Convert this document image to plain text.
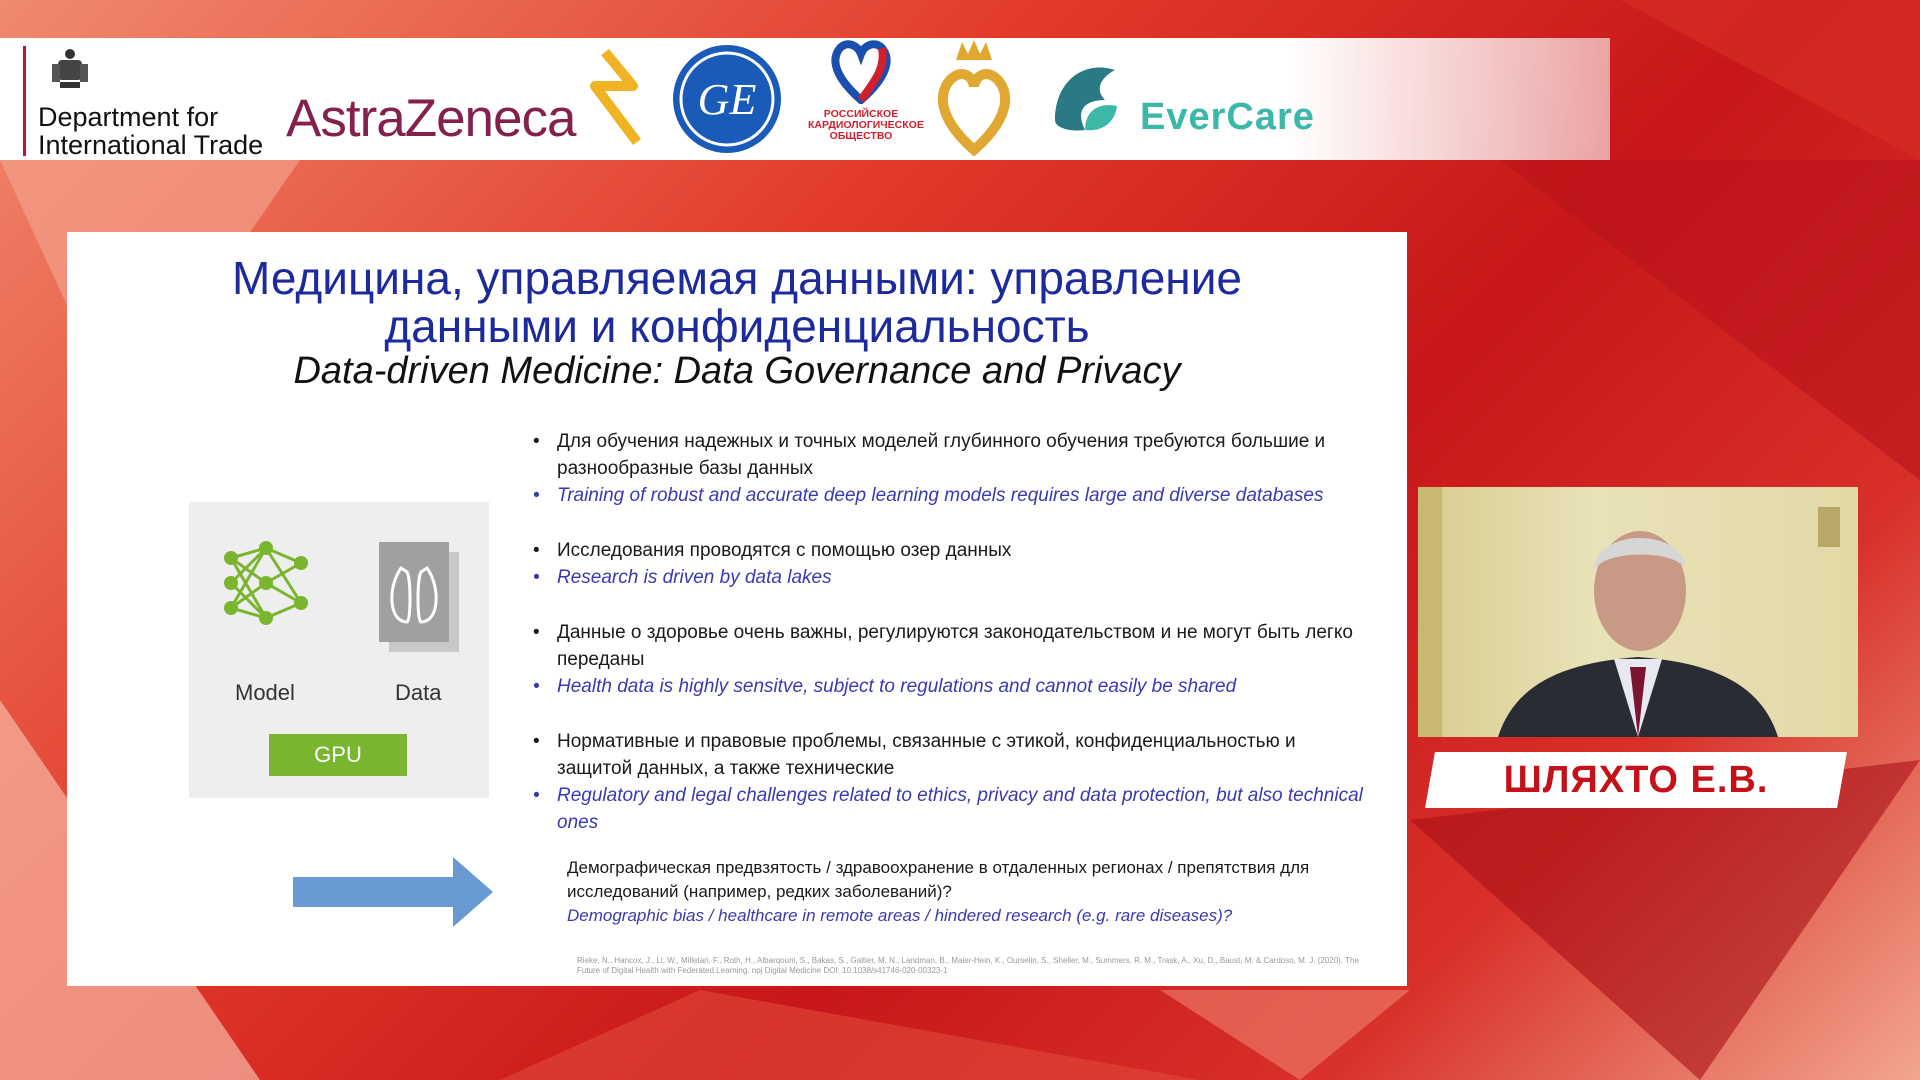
Department for
International Trade AstraZeneca	GE	РОССИЙСКОЕ
КАРДИОЛОГИЧЕСКОЕ
ОБЩЕСТВО	EverCare
Медицина, управляемая данными: управление
данными и конфиденциальность
Data-driven Medicine: Data Governance and Privacy
Model	Data
GPU
• Для обучения надежных и точных моделей глубинного обучения требуются большие и разнообразные базы данных
• Training of robust and accurate deep learning models requires large and diverse databases
• Исследования проводятся с помощью озер данных
• Research is driven by data lakes
• Данные о здоровье очень важны, регулируются законодательством и не могут быть легко переданы
• Health data is highly sensitve, subject to regulations and cannot easily be shared
• Нормативные и правовые проблемы, связанные с этикой, конфиденциальностью и защитой данных, а также технические
• Regulatory and legal challenges related to ethics, privacy and data protection, but also technical ones
Демографическая предвзятость / здравоохранение в отдаленных регионах / препятствия для исследований (например, редких заболеваний)?
Demographic bias / healthcare in remote areas / hindered research (e.g. rare diseases)?
Rieke, N., Hancox, J., Li, W., Milletari, F., Roth, H., Albarqouni, S., Bakas, S., Galtier, M. N., Landman, B., Maier-Hein, K., Ourselin, S., Sheller, M., Summers, R. M., Trask, A., Xu, D., Baust, M. & Cardoso, M. J. (2020). The Future of Digital Health with Federated Learning. npj Digital Medicine DOI: 10.1038/s41746-020-00323-1
ШЛЯХТО Е.В.
